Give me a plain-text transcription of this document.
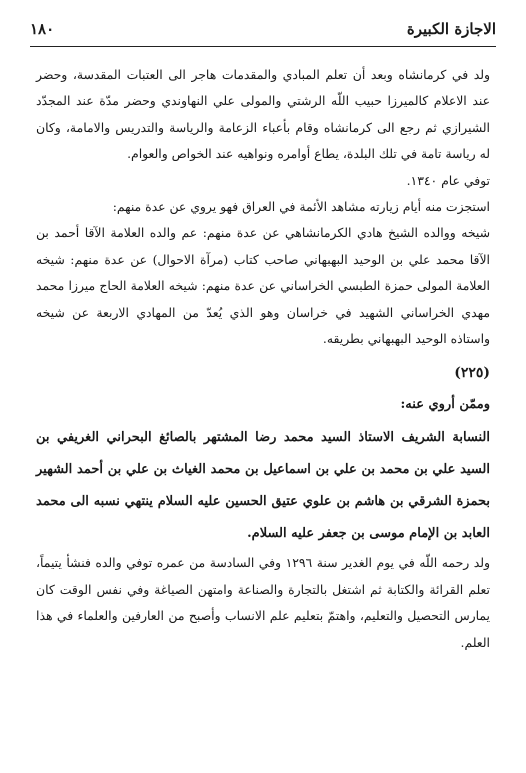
الاجازة الكبيرة
١٨٠

ولد في كرمانشاه وبعد أن تعلم المبادي والمقدمات هاجر الى العتبات المقدسة، وحضر عند الاعلام كالميرزا حبيب اللّه الرشتي والمولى علي النهاوندي وحضر مدّة عند المجدّد الشيرازي ثم رجع الى كرمانشاه وقام بأعباء الزعامة والرياسة والتدريس والامامة، وكان له رياسة تامة في تلك البلدة، يطاع أوامره ونواهيه عند الخواص والعوام.

توفي عام ١٣٤٠.

استجزت منه أيام زيارته مشاهد الأئمة في العراق فهو يروي عن عدة منهم:

شيخه ووالده الشيخ هادي الكرمانشاهي عن عدة منهم: عم والده العلامة الآقا أحمد بن الآقا محمد علي بن الوحيد البهبهاني صاحب كتاب (مرآة الاحوال) عن عدة منهم: شيخه العلامة المولى حمزة الطبسي الخراساني عن عدة منهم: شيخه العلامة الحاج ميرزا محمد مهدي الخراساني الشهيد في خراسان وهو الذي يُعدّ من المهادي الاربعة عن شيخه واستاذه الوحيد البهبهاني بطريقه.

(٢٢٥)

وممّن أروي عنه:

النسابة الشريف الاستاذ السيد محمد رضا المشتهر بالصائغ البحراني الغريفي بن السيد علي بن محمد بن علي بن اسماعيل بن محمد الغياث بن علي بن أحمد الشهير بحمزة الشرقي بن هاشم بن علوي عتيق الحسين عليه السلام ينتهي نسبه الى محمد العابد بن الإمام موسى بن جعفر عليه السلام.

ولد رحمه اللّه في يوم الغدير سنة ١٢٩٦ وفي السادسة من عمره توفي والده فنشأ يتيماً، تعلم القرائة والكتابة ثم اشتغل بالتجارة والصناعة وامتهن الصياغة وفي نفس الوقت كان يمارس التحصيل والتعليم، واهتمّ بتعليم علم الانساب وأصبح من العارفين والعلماء في هذا العلم.
